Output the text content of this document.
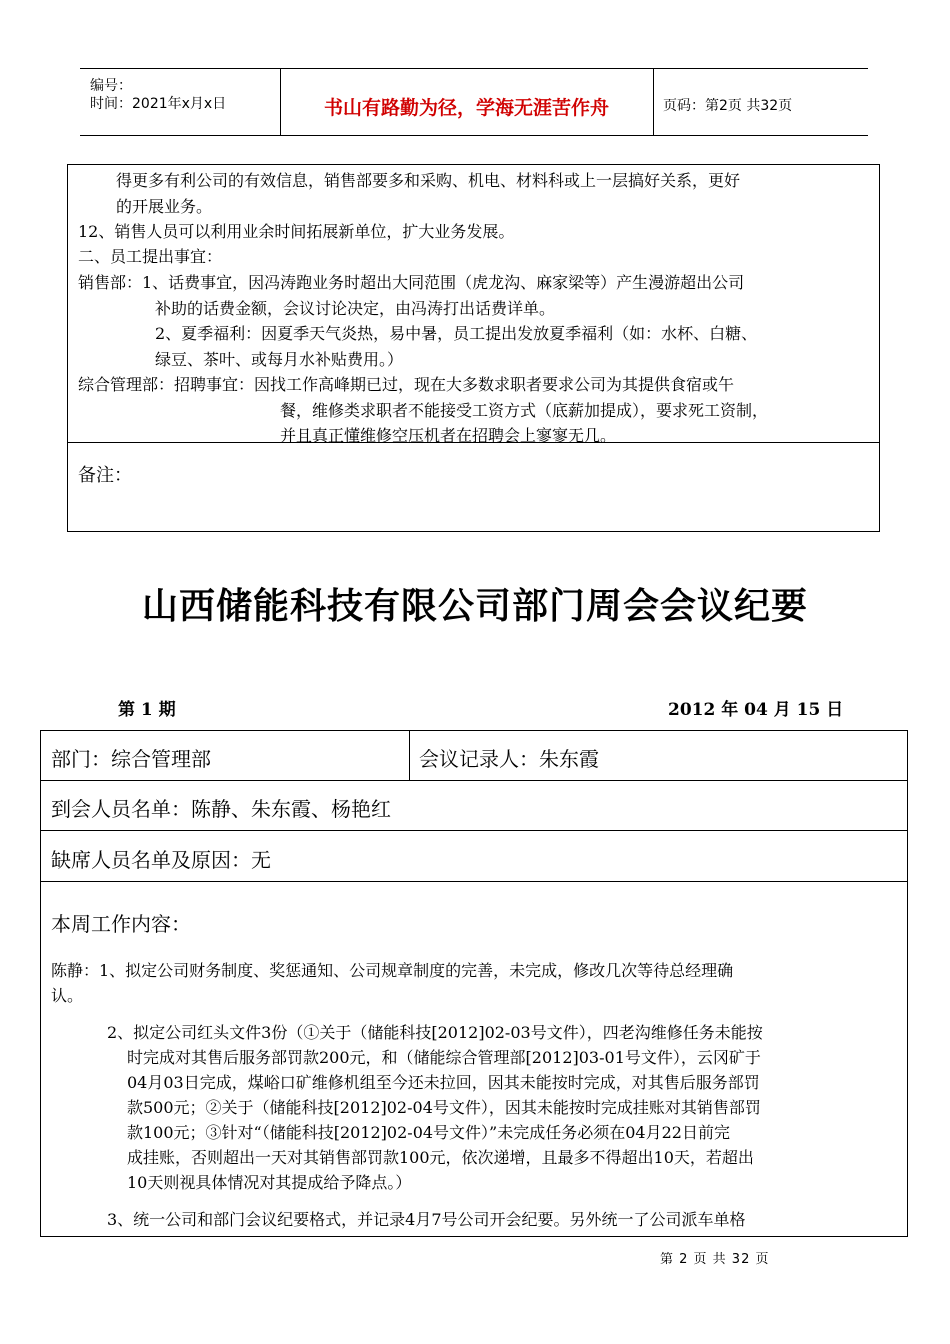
编号：
时间：2021年x月x日	书山有路勤为径，学海无涯苦作舟	页码：第2页 共32页
得更多有利公司的有效信息，销售部要多和采购、机电、材料科或上一层搞好关系，更好
的开展业务。
12、销售人员可以利用业余时间拓展新单位，扩大业务发展。
二、员工提出事宜：
销售部：1、话费事宜，因冯涛跑业务时超出大同范围（虎龙沟、麻家梁等）产生漫游超出公司
补助的话费金额，会议讨论决定，由冯涛打出话费详单。
2、夏季福利：因夏季天气炎热，易中暑，员工提出发放夏季福利（如：水杯、白糖、
绿豆、茶叶、或每月水补贴费用。）
综合管理部：招聘事宜：因找工作高峰期已过，现在大多数求职者要求公司为其提供食宿或午
餐，维修类求职者不能接受工资方式（底薪加提成），要求死工资制，
并且真正懂维修空压机者在招聘会上寥寥无几。
备注：
山西储能科技有限公司部门周会会议纪要
第 1 期	2012 年 04 月 15 日
部门：综合管理部	会议记录人：朱东霞
到会人员名单：陈静、朱东霞、杨艳红
缺席人员名单及原因：无
本周工作内容：
陈静：1、拟定公司财务制度、奖惩通知、公司规章制度的完善，未完成，修改几次等待总经理确
认。
2、拟定公司红头文件3份（①关于（储能科技[2012]02-03号文件），四老沟维修任务未能按
时完成对其售后服务部罚款200元，和（储能综合管理部[2012]03-01号文件），云冈矿于
04月03日完成，煤峪口矿维修机组至今还未拉回，因其未能按时完成，对其售后服务部罚
款500元；②关于（储能科技[2012]02-04号文件），因其未能按时完成挂账对其销售部罚
款100元；③针对“（储能科技[2012]02-04号文件）”未完成任务必须在04月22日前完
成挂账，否则超出一天对其销售部罚款100元，依次递增，且最多不得超出10天，若超出
10天则视具体情况对其提成给予降点。）
3、统一公司和部门会议纪要格式，并记录4月7号公司开会纪要。另外统一了公司派车单格
第 2 页 共 32 页
